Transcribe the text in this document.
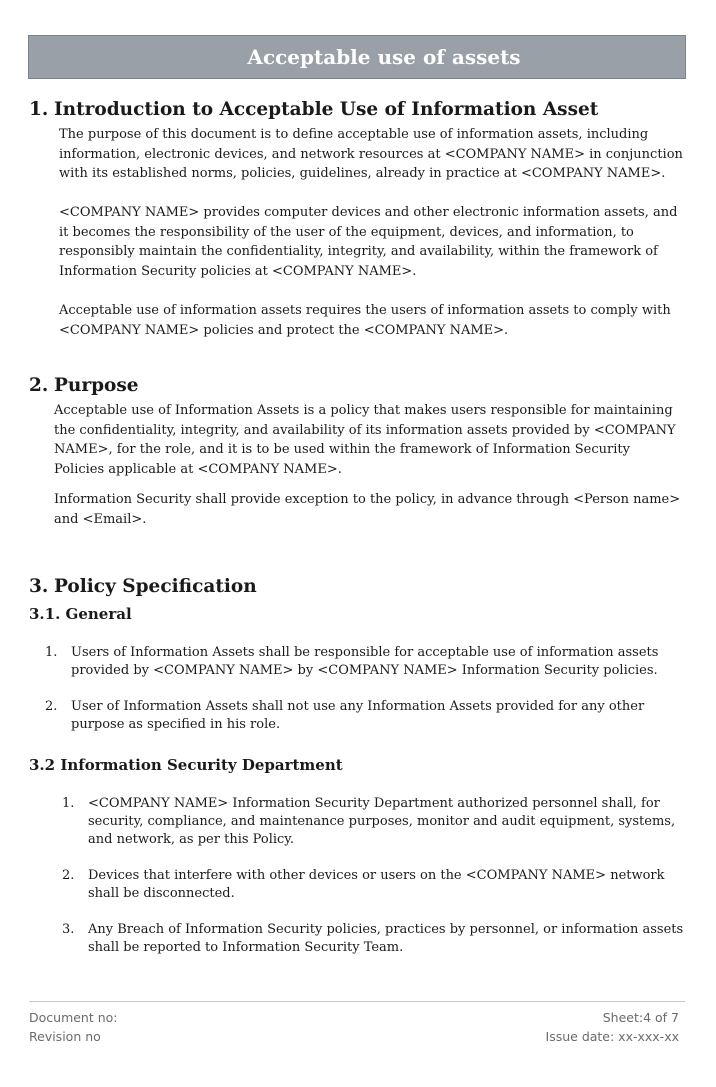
Acceptable use of assets
1. Introduction to Acceptable Use of Information Asset

The purpose of this document is to define acceptable use of information assets, including information, electronic devices, and network resources at <COMPANY NAME> in conjunction with its established norms, policies, guidelines, already in practice at <COMPANY NAME>.

<COMPANY NAME> provides computer devices and other electronic information assets, and it becomes the responsibility of the user of the equipment, devices, and information, to responsibly maintain the confidentiality, integrity, and availability, within the framework of Information Security policies at <COMPANY NAME>.

Acceptable use of information assets requires the users of information assets to comply with <COMPANY NAME> policies and protect the <COMPANY NAME>.

2. Purpose

Acceptable use of Information Assets is a policy that makes users responsible for maintaining the confidentiality, integrity, and availability of its information assets provided by <COMPANY NAME>, for the role, and it is to be used within the framework of Information Security Policies applicable at <COMPANY NAME>.

Information Security shall provide exception to the policy, in advance through <Person name> and <Email>.

3. Policy Specification
3.1. General
1. Users of Information Assets shall be responsible for acceptable use of information assets provided by <COMPANY NAME> by <COMPANY NAME> Information Security policies.
2. User of Information Assets shall not use any Information Assets provided for any other purpose as specified in his role.
3.2 Information Security Department
1. <COMPANY NAME> Information Security Department authorized personnel shall, for security, compliance, and maintenance purposes, monitor and audit equipment, systems, and network, as per this Policy.
2. Devices that interfere with other devices or users on the <COMPANY NAME> network shall be disconnected.
3. Any Breach of Information Security policies, practices by personnel, or information assets shall be reported to Information Security Team.

Document no:

Revision no

Sheet:4 of 7

Issue date: xx-xxx-xx
